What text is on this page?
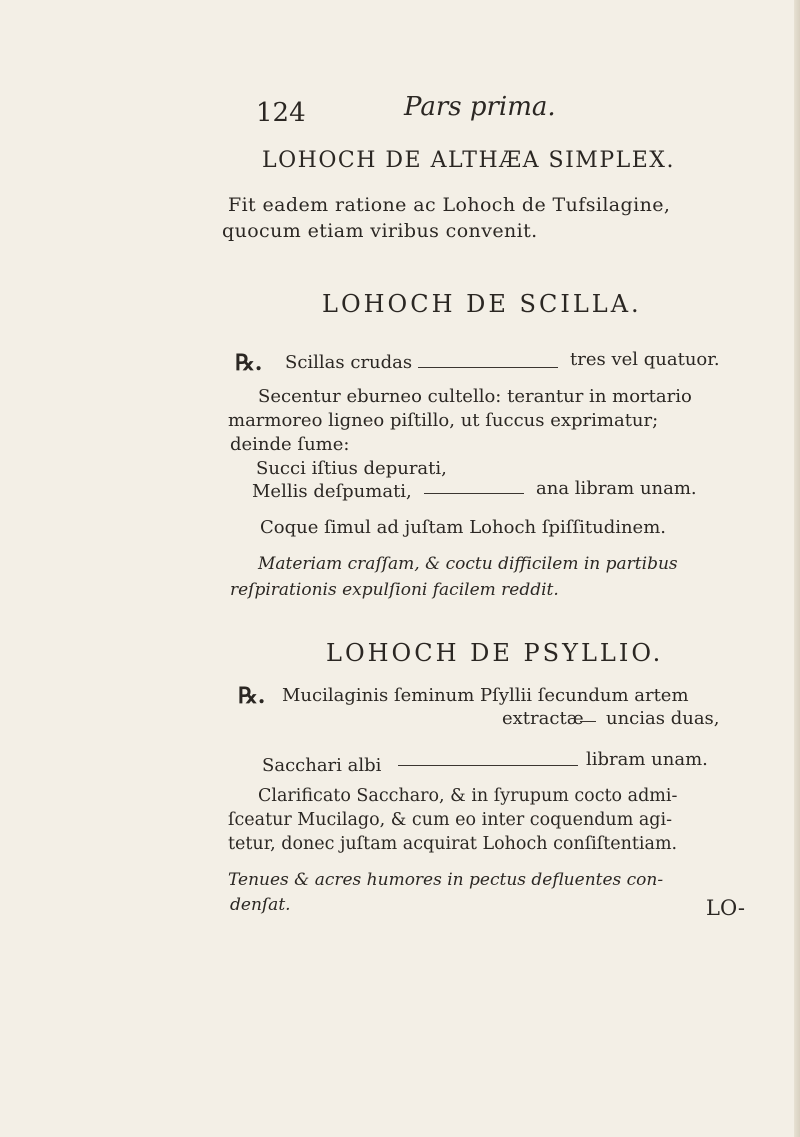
124	Pars prima.
LOHOCH DE ALTHÆA SIMPLEX.
Fit eadem ratione ac Lohoch de Tufsilagine,
quocum etiam viribus convenit.
LOHOCH DE SCILLA.
℞. Scillas crudas	tres vel quatuor.
Secentur eburneo cultello: terantur in mortario
marmoreo ligneo piſtillo, ut ſuccus exprimatur;
deinde ſume:
Succi iſtius depurati,
Mellis deſpumati,	ana libram unam.
Coque ſimul ad juſtam Lohoch ſpiſſitudinem.
Materiam craſſam, & coctu difficilem in partibus
reſpirationis expulſioni facilem reddit.
LOHOCH DE PSYLLIO.
℞. Mucilaginis ſeminum Pſyllii ſecundum artem
extractæ uncias duas,
Sacchari albi	libram unam.
Clarificato Saccharo, & in ſyrupum cocto admi-
ſceatur Mucilago, & cum eo inter coquendum agi-
tetur, donec juſtam acquirat Lohoch conſiſtentiam.
Tenues & acres humores in pectus defluentes con-
denſat.	LO-
